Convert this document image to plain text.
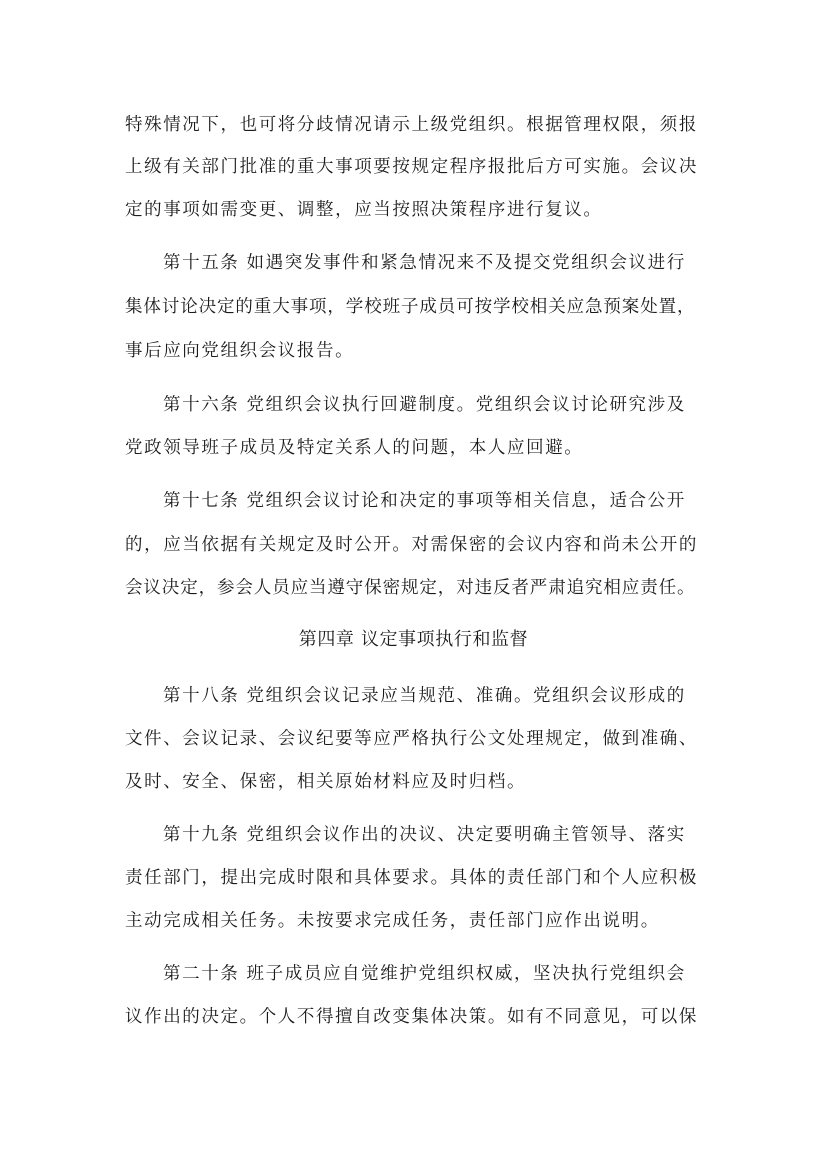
特殊情况下，也可将分歧情况请示上级党组织。根据管理权限，须报
上级有关部门批准的重大事项要按规定程序报批后方可实施。会议决
定的事项如需变更、调整，应当按照决策程序进行复议。
第十五条 如遇突发事件和紧急情况来不及提交党组织会议进行
集体讨论决定的重大事项，学校班子成员可按学校相关应急预案处置，
事后应向党组织会议报告。
第十六条 党组织会议执行回避制度。党组织会议讨论研究涉及
党政领导班子成员及特定关系人的问题，本人应回避。
第十七条 党组织会议讨论和决定的事项等相关信息，适合公开
的，应当依据有关规定及时公开。对需保密的会议内容和尚未公开的
会议决定，参会人员应当遵守保密规定，对违反者严肃追究相应责任。
第四章 议定事项执行和监督
第十八条 党组织会议记录应当规范、准确。党组织会议形成的
文件、会议记录、会议纪要等应严格执行公文处理规定，做到准确、
及时、安全、保密，相关原始材料应及时归档。
第十九条 党组织会议作出的决议、决定要明确主管领导、落实
责任部门，提出完成时限和具体要求。具体的责任部门和个人应积极
主动完成相关任务。未按要求完成任务，责任部门应作出说明。
第二十条 班子成员应自觉维护党组织权威，坚决执行党组织会
议作出的决定。个人不得擅自改变集体决策。如有不同意见，可以保
